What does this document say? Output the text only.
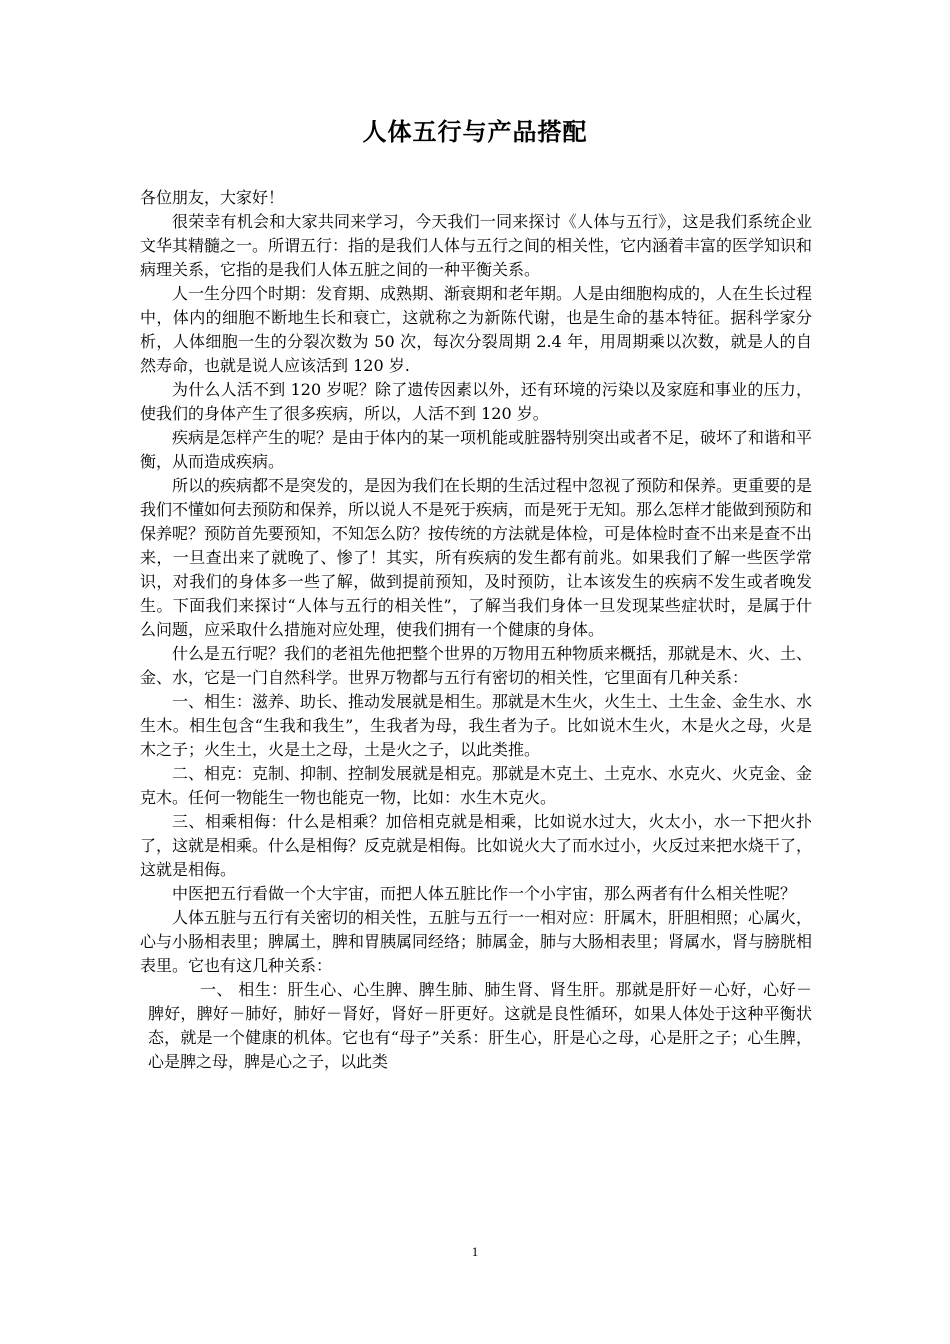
人体五行与产品搭配

各位朋友，大家好！

很荣幸有机会和大家共同来学习，今天我们一同来探讨《人体与五行》，这是我们系统企业文华其精髓之一。所谓五行：指的是我们人体与五行之间的相关性，它内涵着丰富的医学知识和病理关系，它指的是我们人体五脏之间的一种平衡关系。

人一生分四个时期：发育期、成熟期、渐衰期和老年期。人是由细胞构成的，人在生长过程中，体内的细胞不断地生长和衰亡，这就称之为新陈代谢，也是生命的基本特征。据科学家分析，人体细胞一生的分裂次数为 50 次，每次分裂周期 2.4 年，用周期乘以次数，就是人的自然寿命，也就是说人应该活到 120 岁.

为什么人活不到 120 岁呢？除了遗传因素以外，还有环境的污染以及家庭和事业的压力，使我们的身体产生了很多疾病，所以，人活不到 120 岁。

疾病是怎样产生的呢？是由于体内的某一项机能或脏器特别突出或者不足，破坏了和谐和平衡，从而造成疾病。

所以的疾病都不是突发的，是因为我们在长期的生活过程中忽视了预防和保养。更重要的是我们不懂如何去预防和保养，所以说人不是死于疾病，而是死于无知。那么怎样才能做到预防和保养呢？预防首先要预知，不知怎么防？按传统的方法就是体检，可是体检时查不出来是查不出来，一旦查出来了就晚了、惨了！其实，所有疾病的发生都有前兆。如果我们了解一些医学常识，对我们的身体多一些了解，做到提前预知，及时预防，让本该发生的疾病不发生或者晚发生。下面我们来探讨“人体与五行的相关性”，了解当我们身体一旦发现某些症状时，是属于什么问题，应采取什么措施对应处理，使我们拥有一个健康的身体。

什么是五行呢？我们的老祖先他把整个世界的万物用五种物质来概括，那就是木、火、土、金、水，它是一门自然科学。世界万物都与五行有密切的相关性，它里面有几种关系：

一、相生：滋养、助长、推动发展就是相生。那就是木生火，火生土、土生金、金生水、水生木。相生包含“生我和我生”，生我者为母，我生者为子。比如说木生火，木是火之母，火是木之子；火生土，火是土之母，土是火之子，以此类推。

二、相克：克制、抑制、控制发展就是相克。那就是木克土、土克水、水克火、火克金、金克木。任何一物能生一物也能克一物，比如：水生木克火。

三、相乘相侮：什么是相乘？加倍相克就是相乘，比如说水过大，火太小，水一下把火扑了，这就是相乘。什么是相侮？反克就是相侮。比如说火大了而水过小，火反过来把水烧干了，这就是相侮。

中医把五行看做一个大宇宙，而把人体五脏比作一个小宇宙，那么两者有什么相关性呢？

人体五脏与五行有关密切的相关性，五脏与五行一一相对应：肝属木，肝胆相照；心属火，心与小肠相表里；脾属土，脾和胃胰属同经络；肺属金，肺与大肠相表里；肾属水，肾与膀胱相表里。它也有这几种关系：

一、 相生：肝生心、心生脾、脾生肺、肺生肾、肾生肝。那就是肝好－心好，心好－脾好，脾好－肺好，肺好－肾好，肾好－肝更好。这就是良性循环，如果人体处于这种平衡状态，就是一个健康的机体。它也有“母子”关系：肝生心，肝是心之母，心是肝之子；心生脾，心是脾之母，脾是心之子，以此类

1
